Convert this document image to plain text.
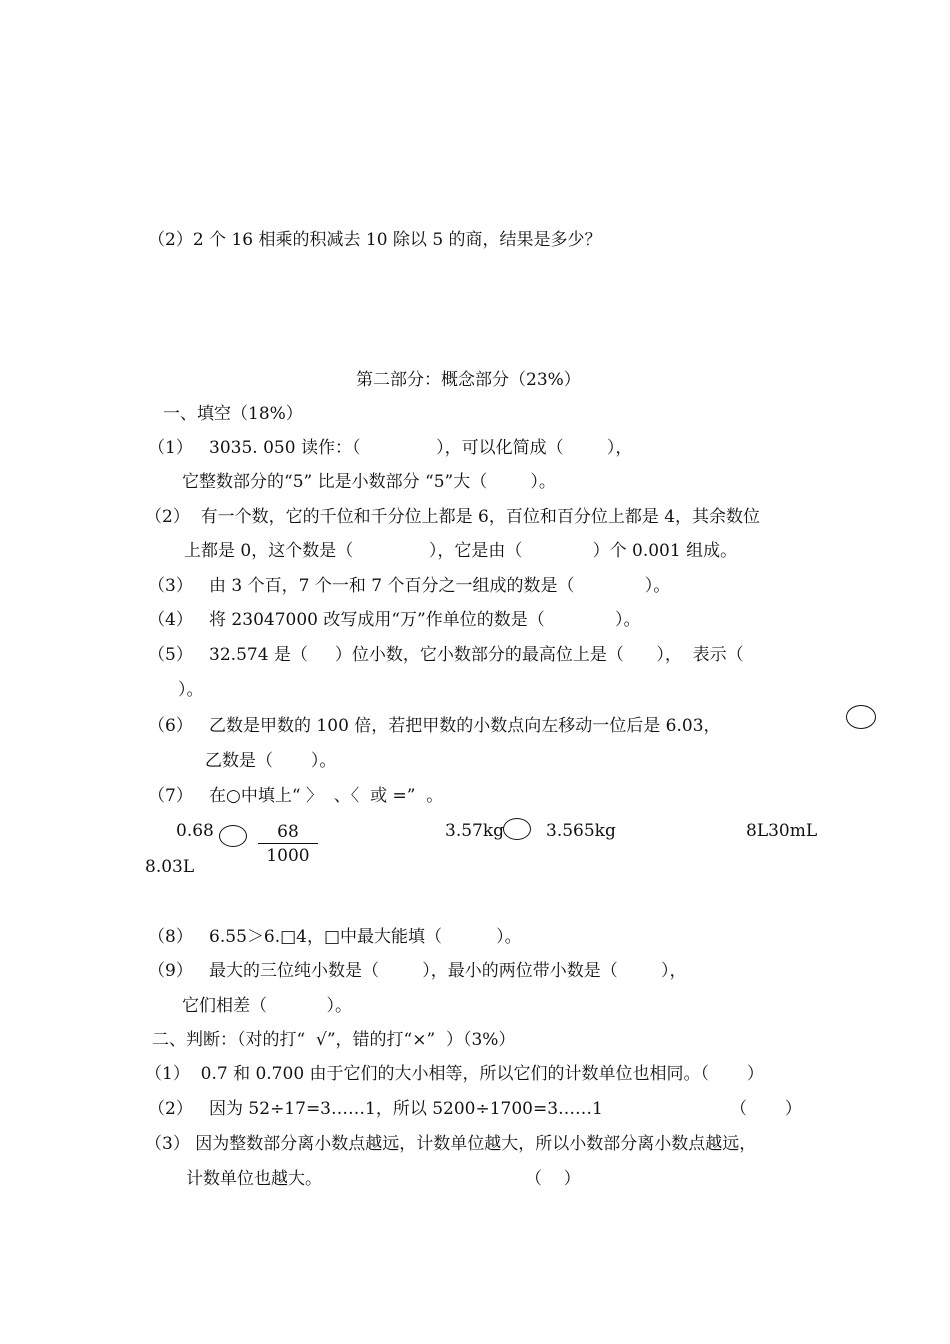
（2）2 个 16 相乘的积减去 10 除以 5 的商，结果是多少？
第二部分：概念部分（23%）
一、填空（18%）
（1）   3035. 050 读作：（              ），可以化简成（        ），
它整数部分的“5” 比是小数部分 “5”大（        ）。
（2）  有一个数，它的千位和千分位上都是 6，百位和百分位上都是 4，其余数位
上都是 0，这个数是（              ），它是由（             ）个 0.001 组成。
（3）   由 3 个百，7 个一和 7 个百分之一组成的数是（             ）。
（4）   将 23047000 改写成用“万”作单位的数是（             ）。
（5）   32.574 是（     ）位小数，它小数部分的最高位上是（      ），  表示（
）。
（6）   乙数是甲数的 100 倍，若把甲数的小数点向左移动一位后是 6.03，
乙数是（       ）。
（7）   在○中填上“ 〉  、〈  或 =”  。
0.68	$\frac{68}{1000}$	3.57kg 3.565kg	8L30mL
8.03L
（8）   6.55＞6.□4，□中最大能填（          ）。
（9）   最大的三位纯小数是（        ），最小的两位带小数是（        ），
它们相差（           ）。
二、判断：（对的打“  √”，错的打“×”  ）（3%）
（1）  0.7 和 0.700 由于它们的大小相等，所以它们的计数单位也相同。（       ）
（2）   因为 52÷17=3……1，所以 5200÷1700=3……1	（       ）
（3） 因为整数部分离小数点越远，计数单位越大，所以小数部分离小数点越远，
计数单位也越大。	（    ）
